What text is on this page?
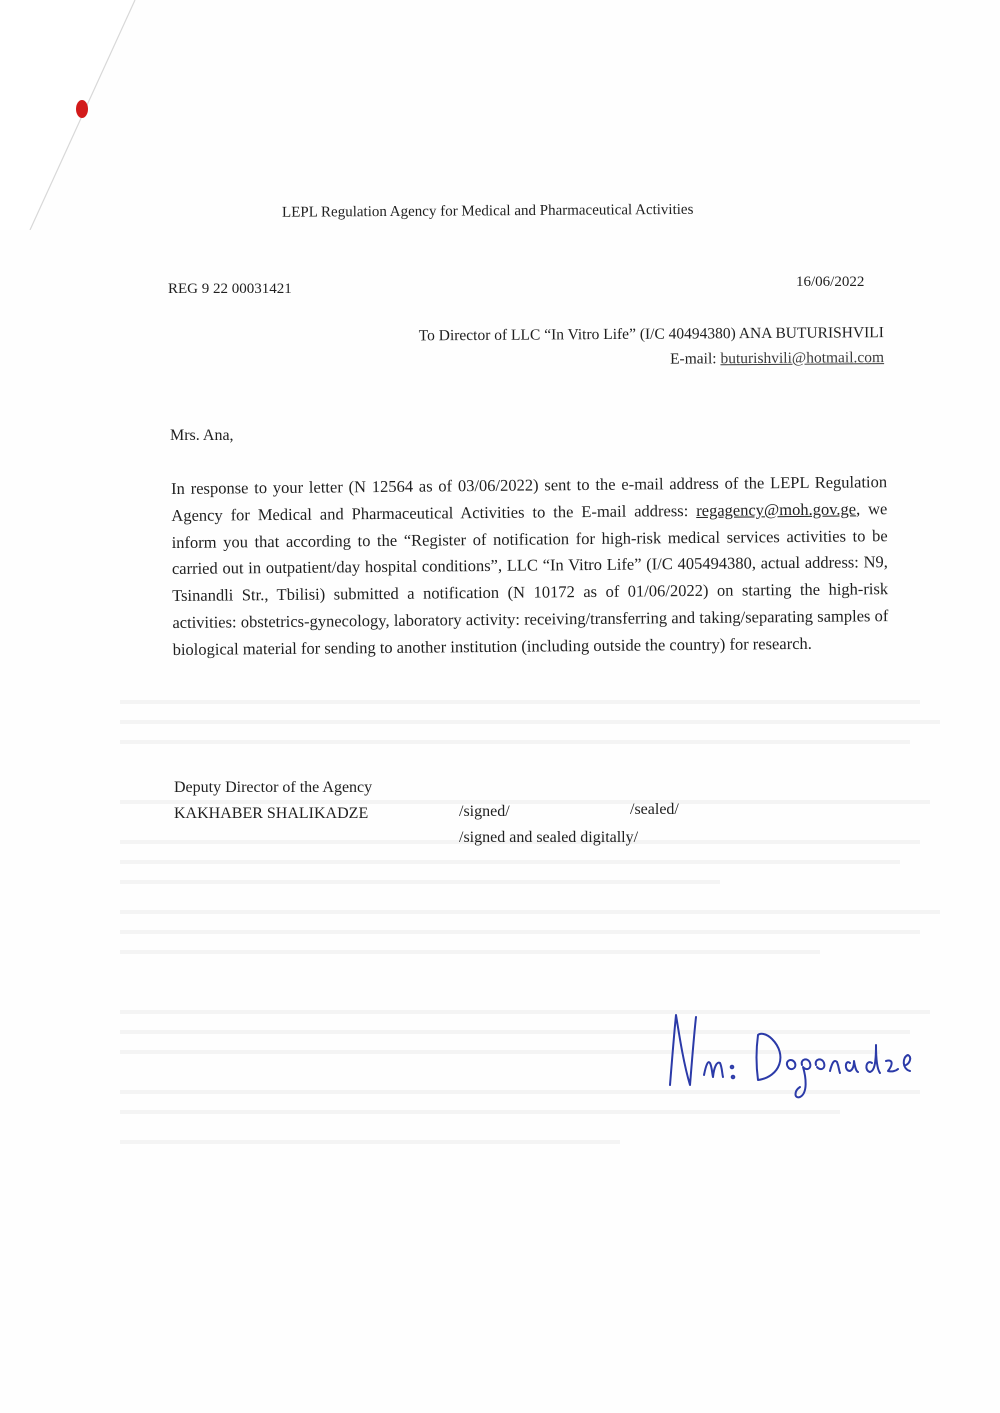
LEPL Regulation Agency for Medical and Pharmaceutical Activities
REG 9 22 00031421	16/06/2022
To Director of LLC “In Vitro Life” (I/C 40494380) ANA BUTURISHVILI
E-mail: buturishvili@hotmail.com
Mrs. Ana,
In response to your letter (N 12564 as of 03/06/2022) sent to the e-mail address of the LEPL Regulation Agency for Medical and Pharmaceutical Activities to the E-mail address: regagency@moh.gov.ge, we inform you that according to the “Register of notification for high-risk medical services activities to be carried out in outpatient/day hospital conditions”, LLC “In Vitro Life” (I/C 405494380, actual address: N9, Tsinandli Str., Tbilisi) submitted a notification (N 10172 as of 01/06/2022) on starting the high-risk activities: obstetrics-gynecology, laboratory activity: receiving/transferring and taking/separating samples of biological material for sending to another institution (including outside the country) for research.
Deputy Director of the Agency
KAKHABER SHALIKADZE	/signed/	/sealed/
/signed and sealed digitally/
